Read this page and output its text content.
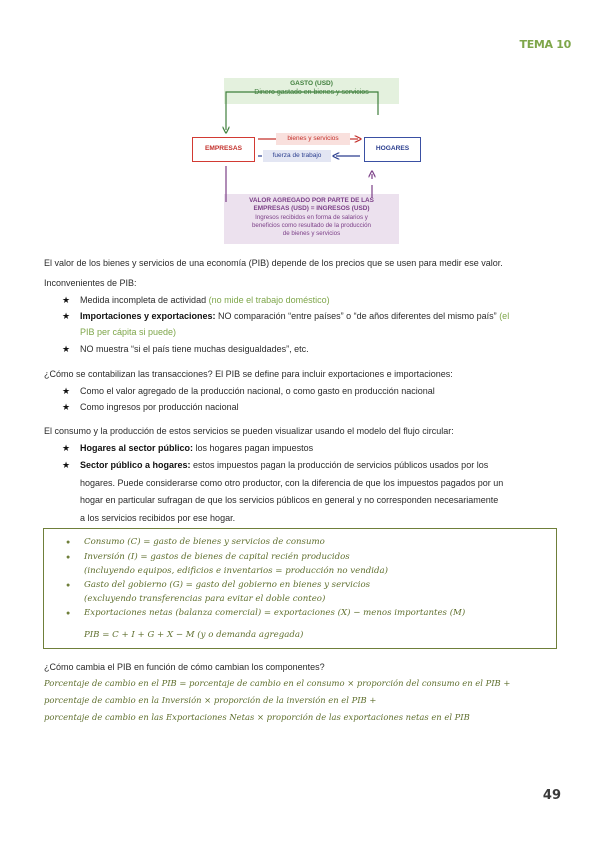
TEMA 10
GASTO (USD)
Dinero gastado en bienes y servicios
VALOR AGREGADO POR PARTE DE LAS
EMPRESAS (USD) = INGRESOS (USD)
Ingresos recibidos en forma de salarios y
beneficios como resultado de la producción
de bienes y servicios
EMPRESAS	HOGARES
bienes y servicios
fuerza de trabajo
El valor de los bienes y servicios de una economía (PIB) depende de los precios que se usen para medir ese valor.
Inconvenientes de PIB:
★ Medida incompleta de actividad (no mide el trabajo doméstico)
★ Importaciones y exportaciones: NO comparación “entre países” o “de años diferentes del mismo país” (el
PIB per cápita si puede)
★ NO muestra “si el país tiene muchas desigualdades”, etc.
¿Cómo se contabilizan las transacciones? El PIB se define para incluir exportaciones e importaciones:
★ Como el valor agregado de la producción nacional, o como gasto en producción nacional
★ Como ingresos por producción nacional
El consumo y la producción de estos servicios se pueden visualizar usando el modelo del flujo circular:
★ Hogares al sector público: los hogares pagan impuestos
★ Sector público a hogares: estos impuestos pagan la producción de servicios públicos usados por los
hogares. Puede considerarse como otro productor, con la diferencia de que los impuestos pagados por un
hogar en particular sufragan de que los servicios públicos en general y no corresponden necesariamente
a los servicios recibidos por ese hogar.
● Consumo (C) = gasto de bienes y servicios de consumo
● Inversión (I) = gastos de bienes de capital recién producidos
(incluyendo equipos, edificios e inventarios = producción no vendida)
● Gasto del gobierno (G) = gasto del gobierno en bienes y servicios
(excluyendo transferencias para evitar el doble conteo)
● Exportaciones netas (balanza comercial) = exportaciones (X) − menos importantes (M)
PIB = C + I + G + X − M (y o demanda agregada)
¿Cómo cambia el PIB en función de cómo cambian los componentes?
Porcentaje de cambio en el PIB = porcentaje de cambio en el consumo × proporción del consumo en el PIB +
porcentaje de cambio en la Inversión × proporción de la inversión en el PIB +
porcentaje de cambio en las Exportaciones Netas × proporción de las exportaciones netas en el PIB
49
